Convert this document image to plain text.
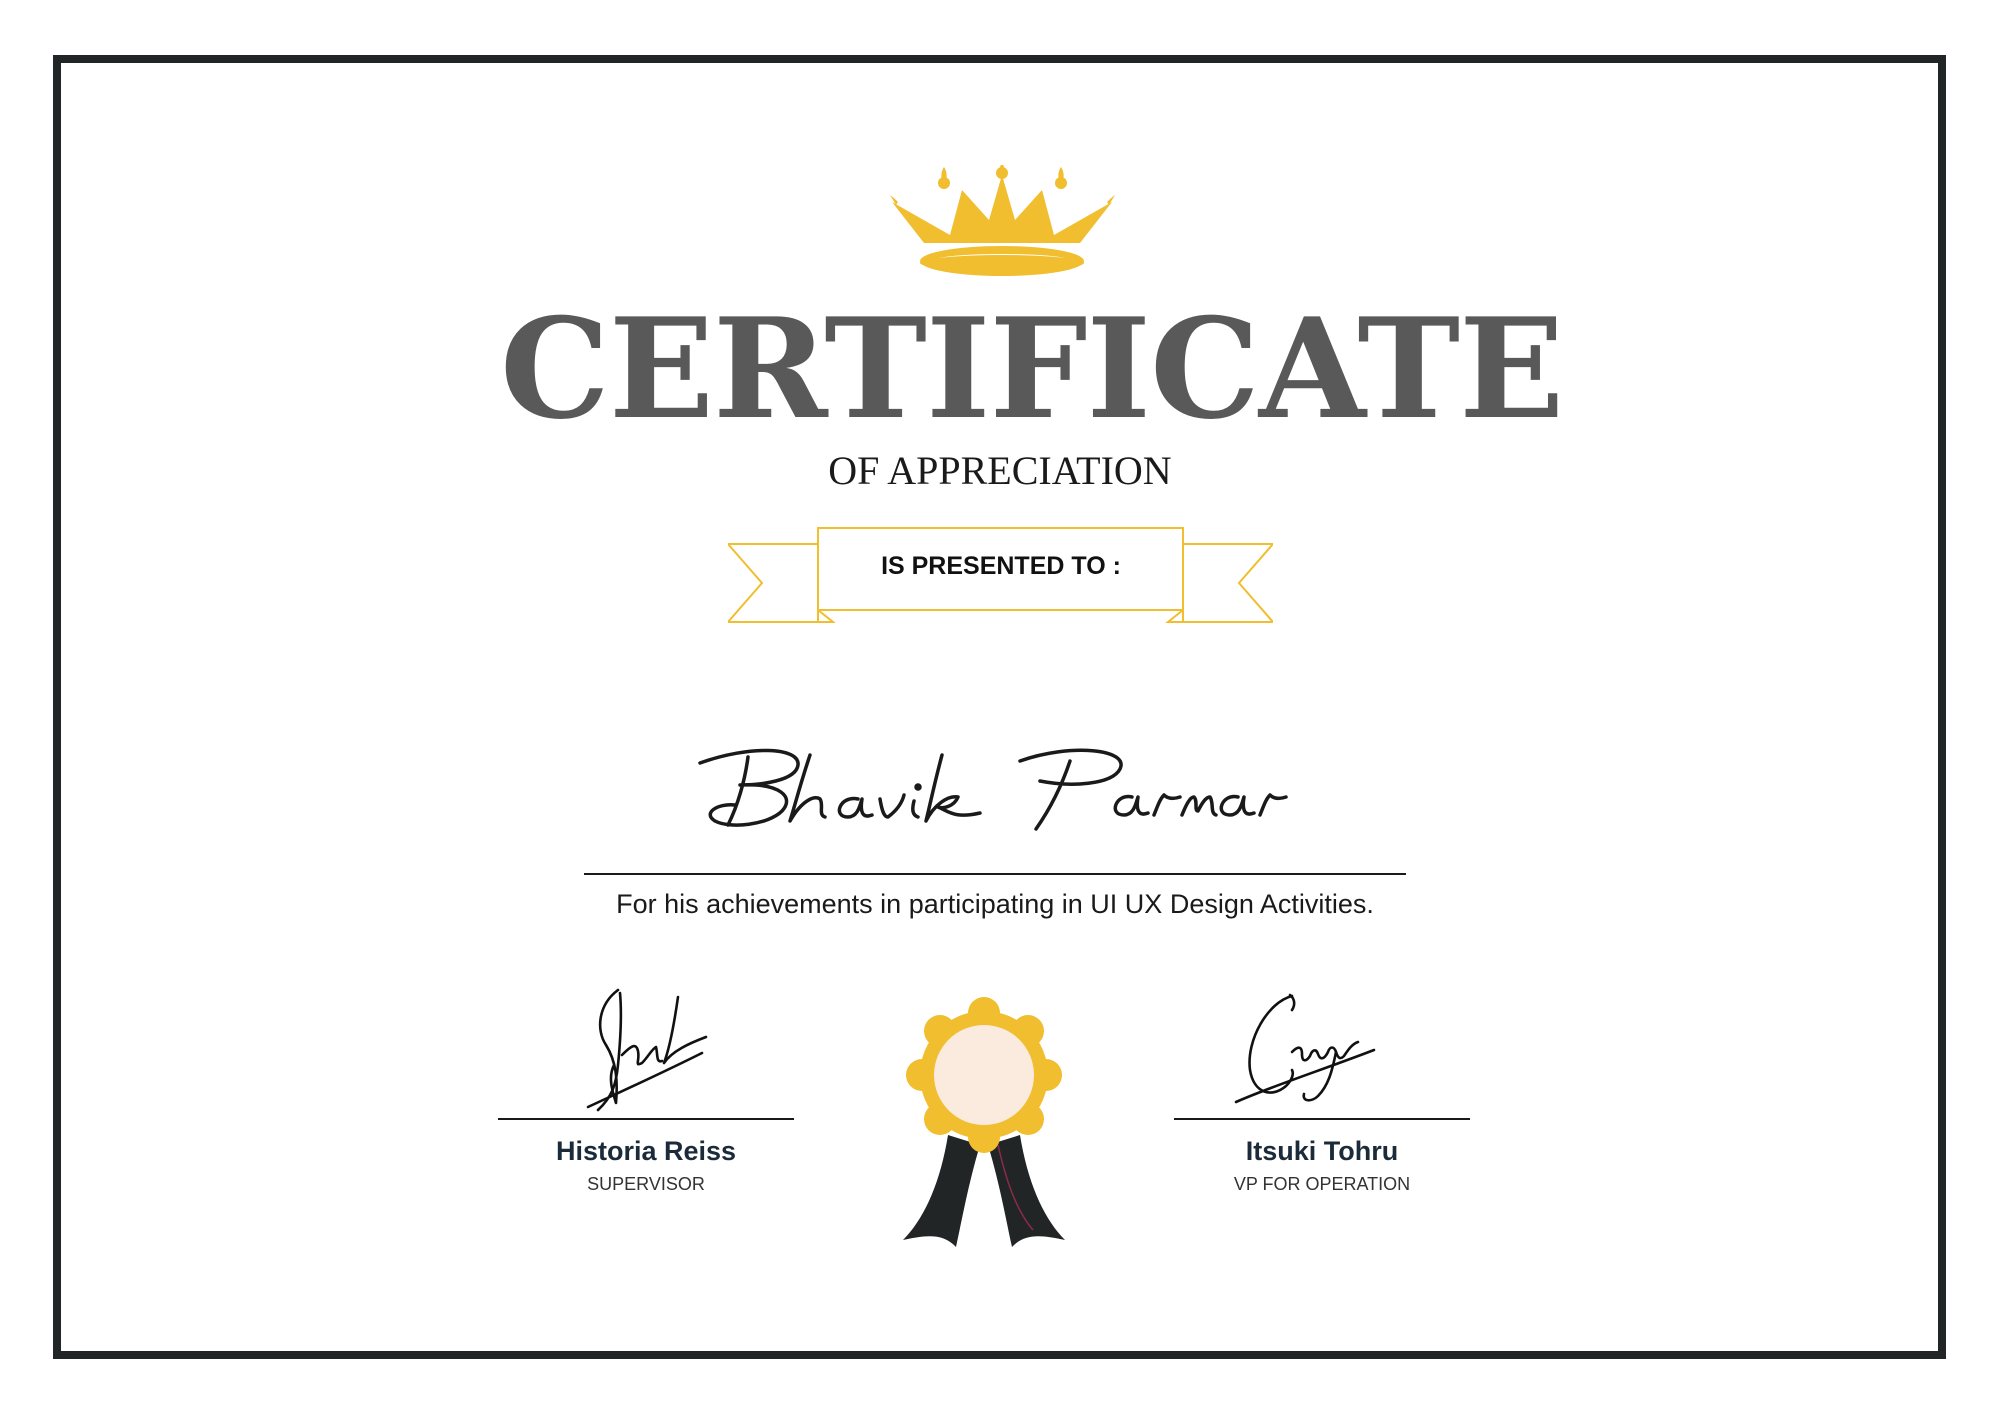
CERTIFICATE
OF APPRECIATION
IS PRESENTED TO :
For his achievements in participating in UI UX Design Activities.
Historia Reiss
SUPERVISOR
Itsuki Tohru
VP FOR OPERATION
